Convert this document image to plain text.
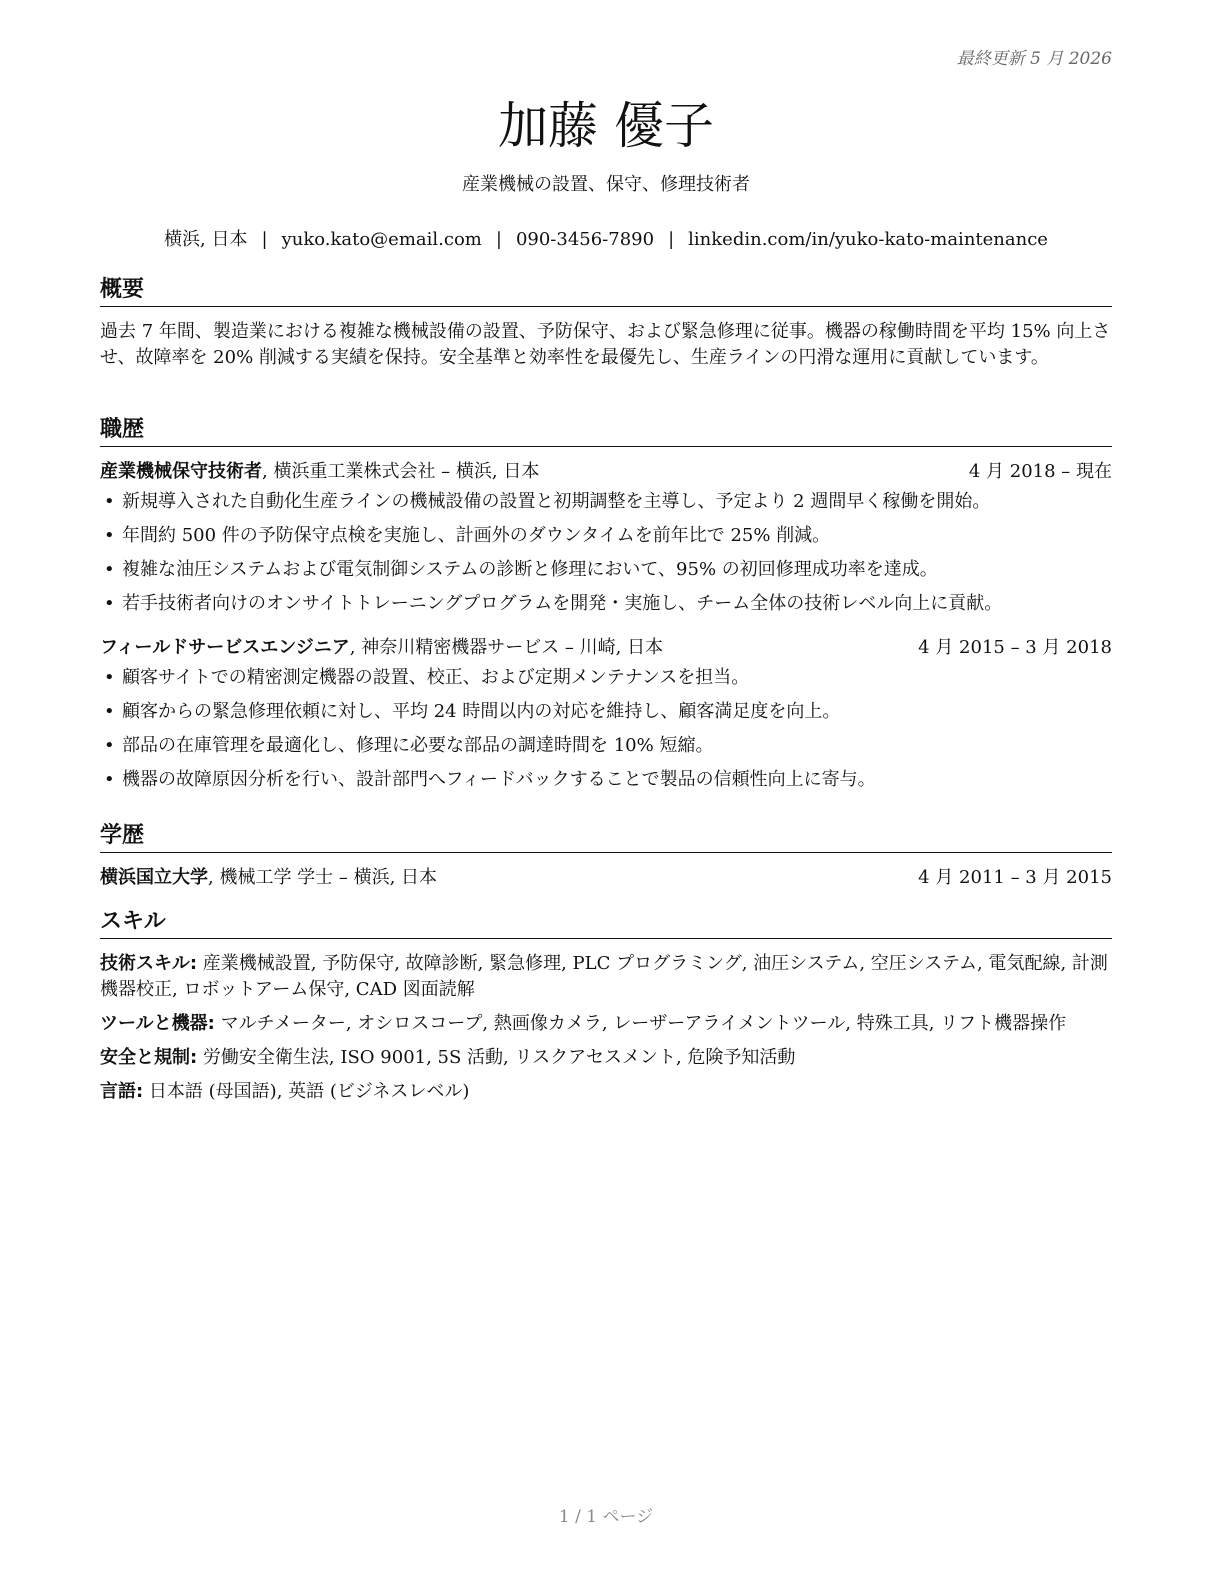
最終更新 5 月 2026
加藤 優子
産業機械の設置、保守、修理技術者
横浜, 日本 | yuko.kato@email.com | 090-3456-7890 | linkedin.com/in/yuko-kato-maintenance
概要

過去 7 年間、製造業における複雑な機械設備の設置、予防保守、および緊急修理に従事。機器の稼働時間を平均 15% 向上させ、故障率を 20% 削減する実績を保持。安全基準と効率性を最優先し、生産ラインの円滑な運用に貢献しています。

職歴
産業機械保守技術者, 横浜重工業株式会社 – 横浜, 日本	4 月 2018 – 現在
• 新規導入された自動化生産ラインの機械設備の設置と初期調整を主導し、予定より 2 週間早く稼働を開始。
• 年間約 500 件の予防保守点検を実施し、計画外のダウンタイムを前年比で 25% 削減。
• 複雑な油圧システムおよび電気制御システムの診断と修理において、95% の初回修理成功率を達成。
• 若手技術者向けのオンサイトトレーニングプログラムを開発・実施し、チーム全体の技術レベル向上に貢献。
フィールドサービスエンジニア, 神奈川精密機器サービス – 川崎, 日本	4 月 2015 – 3 月 2018
• 顧客サイトでの精密測定機器の設置、校正、および定期メンテナンスを担当。
• 顧客からの緊急修理依頼に対し、平均 24 時間以内の対応を維持し、顧客満足度を向上。
• 部品の在庫管理を最適化し、修理に必要な部品の調達時間を 10% 短縮。
• 機器の故障原因分析を行い、設計部門へフィードバックすることで製品の信頼性向上に寄与。
学歴
横浜国立大学, 機械工学 学士 – 横浜, 日本	4 月 2011 – 3 月 2015
スキル

技術スキル: 産業機械設置, 予防保守, 故障診断, 緊急修理, PLC プログラミング, 油圧システム, 空圧システム, 電気配線, 計測機器校正, ロボットアーム保守, CAD 図面読解

ツールと機器: マルチメーター, オシロスコープ, 熱画像カメラ, レーザーアライメントツール, 特殊工具, リフト機器操作

安全と規制: 労働安全衛生法, ISO 9001, 5S 活動, リスクアセスメント, 危険予知活動

言語: 日本語 (母国語), 英語 (ビジネスレベル)

1 / 1 ページ
